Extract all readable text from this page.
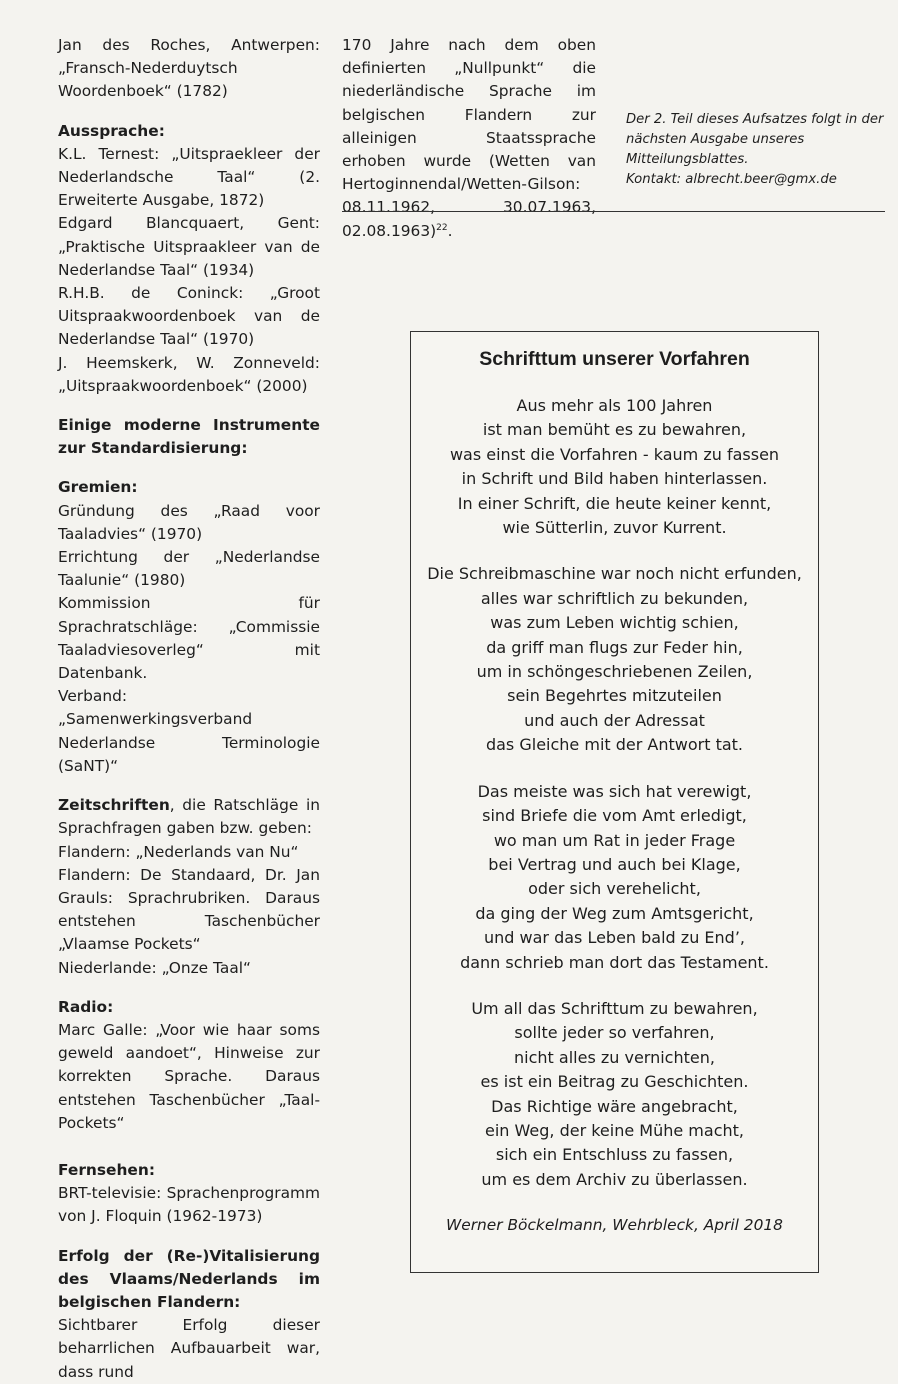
Jan des Roches, Antwerpen: „Fransch-Nederduytsch Woordenboek“ (1782)

Aussprache:

K.L. Ternest: „Uitspraekleer der Nederlandsche Taal“ (2. Erweiterte Ausgabe, 1872)

Edgard Blancquaert, Gent: „Praktische Uitspraakleer van de Nederlandse Taal“ (1934)

R.H.B. de Coninck: „Groot Uitspraakwoordenboek van de Nederlandse Taal“ (1970)

J. Heemskerk, W. Zonneveld: „Uitspraakwoordenboek“ (2000)

Einige moderne Instrumente zur Standardisierung:

Gremien:

Gründung des „Raad voor Taaladvies“ (1970)

Errichtung der „Nederlandse Taalunie“ (1980)

Kommission für Sprachratschläge: „Commissie Taaladviesoverleg“ mit Datenbank.

Verband: „Samenwerkingsverband Nederlandse Terminologie (SaNT)“

Zeitschriften, die Ratschläge in Sprachfragen gaben bzw. geben:

Flandern: „Nederlands van Nu“

Flandern: De Standaard, Dr. Jan Grauls: Sprachrubriken. Daraus entstehen Taschenbücher „Vlaamse Pockets“

Niederlande: „Onze Taal“

Radio:

Marc Galle: „Voor wie haar soms geweld aandoet“, Hinweise zur korrekten Sprache. Daraus entstehen Taschenbücher „Taal-Pockets“

Fernsehen:

BRT-televisie: Sprachenprogramm von J. Floquin (1962-1973)

Erfolg der (Re-)Vitalisierung des Vlaams/Nederlands im belgischen Flandern:

Sichtbarer Erfolg dieser beharrlichen Aufbauarbeit war, dass rund

170 Jahre nach dem oben definierten „Nullpunkt“ die niederländische Sprache im belgischen Flandern zur alleinigen Staatssprache erhoben wurde (Wetten van Hertoginnendal/Wetten-Gilson: 08.11.1962, 30.07.1963, 02.08.1963)$^{22}$.

Der 2. Teil dieses Aufsatzes folgt in der nächsten Ausgabe unseres Mitteilungsblattes.

Kontakt: albrecht.beer@gmx.de

Schrifttum unserer Vorfahren
Aus mehr als 100 Jahren
ist man bemüht es zu bewahren,
was einst die Vorfahren - kaum zu fassen
in Schrift und Bild haben hinterlassen.
In einer Schrift, die heute keiner kennt,
wie Sütterlin, zuvor Kurrent.
Die Schreibmaschine war noch nicht erfunden,
alles war schriftlich zu bekunden,
was zum Leben wichtig schien,
da griff man flugs zur Feder hin,
um in schöngeschriebenen Zeilen,
sein Begehrtes mitzuteilen
und auch der Adressat
das Gleiche mit der Antwort tat.
Das meiste was sich hat verewigt,
sind Briefe die vom Amt erledigt,
wo man um Rat in jeder Frage
bei Vertrag und auch bei Klage,
oder sich verehelicht,
da ging der Weg zum Amtsgericht,
und war das Leben bald zu End’,
dann schrieb man dort das Testament.
Um all das Schrifttum zu bewahren,
sollte jeder so verfahren,
nicht alles zu vernichten,
es ist ein Beitrag zu Geschichten.
Das Richtige wäre angebracht,
ein Weg, der keine Mühe macht,
sich ein Entschluss zu fassen,
um es dem Archiv zu überlassen.
Werner Böckelmann, Wehrbleck, April 2018
